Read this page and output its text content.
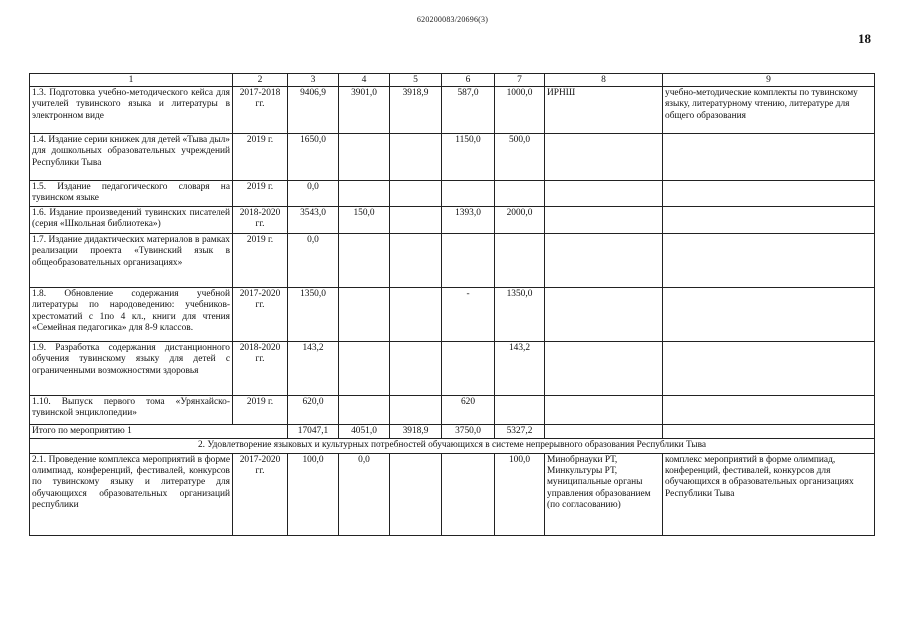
620200083/20696(3)
18
1	2	3	4	5	6	7	8	9
1.3. Подготовка учебно-методического кейса для учителей тувинского языка и литературы в электронном виде	2017-2018 гг.	9406,9	3901,0	3918,9	587,0	1000,0	ИРНШ	учебно-методические комплекты по тувинскому языку, литературному чтению, литературе для общего образования
1.4. Издание серии книжек для детей «Тыва дыл» для дошкольных образовательных учреждений Республики Тыва	2019 г.	1650,0			1150,0	500,0		
1.5. Издание педагогического словаря на тувинском языке	2019 г.	0,0						
1.6. Издание произведений тувинских писателей (серия «Школьная библиотека»)	2018-2020 гг.	3543,0	150,0		1393,0	2000,0		
1.7. Издание дидактических материалов в рамках реализации проекта «Тувинский язык в общеобразовательных организациях»	2019 г.	0,0						
1.8. Обновление содержания учебной литературы по народоведению: учебников-хрестоматий с 1по 4 кл., книги для чтения «Семейная педагогика» для 8-9 классов.	2017-2020 гг.	1350,0			-	1350,0		
1.9. Разработка содержания дистанционного обучения тувинскому языку для детей с ограниченными возможностями здоровья	2018-2020 гг.	143,2				143,2		
1.10. Выпуск первого тома «Урянхайско-тувинской энциклопедии»	2019 г.	620,0			620			
Итого по мероприятию 1		17047,1	4051,0	3918,9	3750,0	5327,2		
2. Удовлетворение языковых и культурных потребностей обучающихся в системе непрерывного образования Республики Тыва								
2.1. Проведение комплекса мероприятий в форме олимпиад, конференций, фестивалей, конкурсов по тувинскому языку и литературе для обучающихся образовательных организаций республики	2017-2020 гг.	100,0	0,0			100,0	Минобрнауки РТ, Минкультуры РТ, муниципальные органы управления образованием (по согласованию)	комплекс мероприятий в форме олимпиад, конференций, фестивалей, конкурсов для обучающихся в образовательных организациях Республики Тыва
